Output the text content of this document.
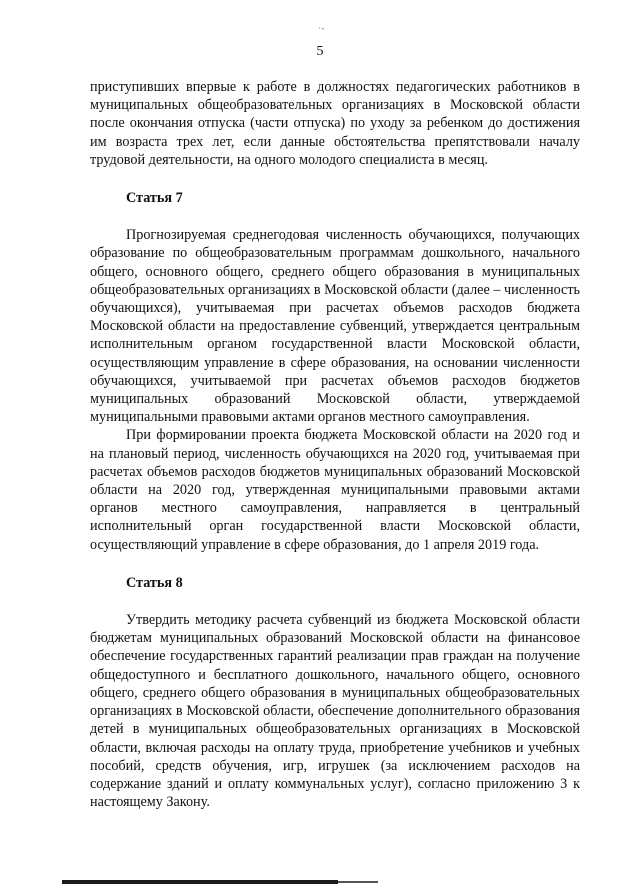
·-
5

приступивших впервые к работе в должностях педагогических работников в муниципальных общеобразовательных организациях в Московской области после окончания отпуска (части отпуска) по уходу за ребенком до достижения им возраста трех лет, если данные обстоятельства препятствовали началу трудовой деятельности, на одного молодого специалиста в месяц.

Статья 7

Прогнозируемая среднегодовая численность обучающихся, получающих образование по общеобразовательным программам дошкольного, начального общего, основного общего, среднего общего образования в муниципальных общеобразовательных организациях в Московской области (далее – численность обучающихся), учитываемая при расчетах объемов расходов бюджета Московской области на предоставление субвенций, утверждается центральным исполнительным органом государственной власти Московской области, осуществляющим управление в сфере образования, на основании численности обучающихся, учитываемой при расчетах объемов расходов бюджетов муниципальных образований Московской области, утверждаемой муниципальными правовыми актами органов местного самоуправления.

При формировании проекта бюджета Московской области на 2020 год и на плановый период, численность обучающихся на 2020 год, учитываемая при расчетах объемов расходов бюджетов муниципальных образований Московской области на 2020 год, утвержденная муниципальными правовыми актами органов местного самоуправления, направляется в центральный исполнительный орган государственной власти Московской области, осуществляющий управление в сфере образования, до 1 апреля 2019 года.

Статья 8

Утвердить методику расчета субвенций из бюджета Московской области бюджетам муниципальных образований Московской области на финансовое обеспечение государственных гарантий реализации прав граждан на получение общедоступного и бесплатного дошкольного, начального общего, основного общего, среднего общего образования в муниципальных общеобразовательных организациях в Московской области, обеспечение дополнительного образования детей в муниципальных общеобразовательных организациях в Московской области, включая расходы на оплату труда, приобретение учебников и учебных пособий, средств обучения, игр, игрушек (за исключением расходов на содержание зданий и оплату коммунальных услуг), согласно приложению 3 к настоящему Закону.
